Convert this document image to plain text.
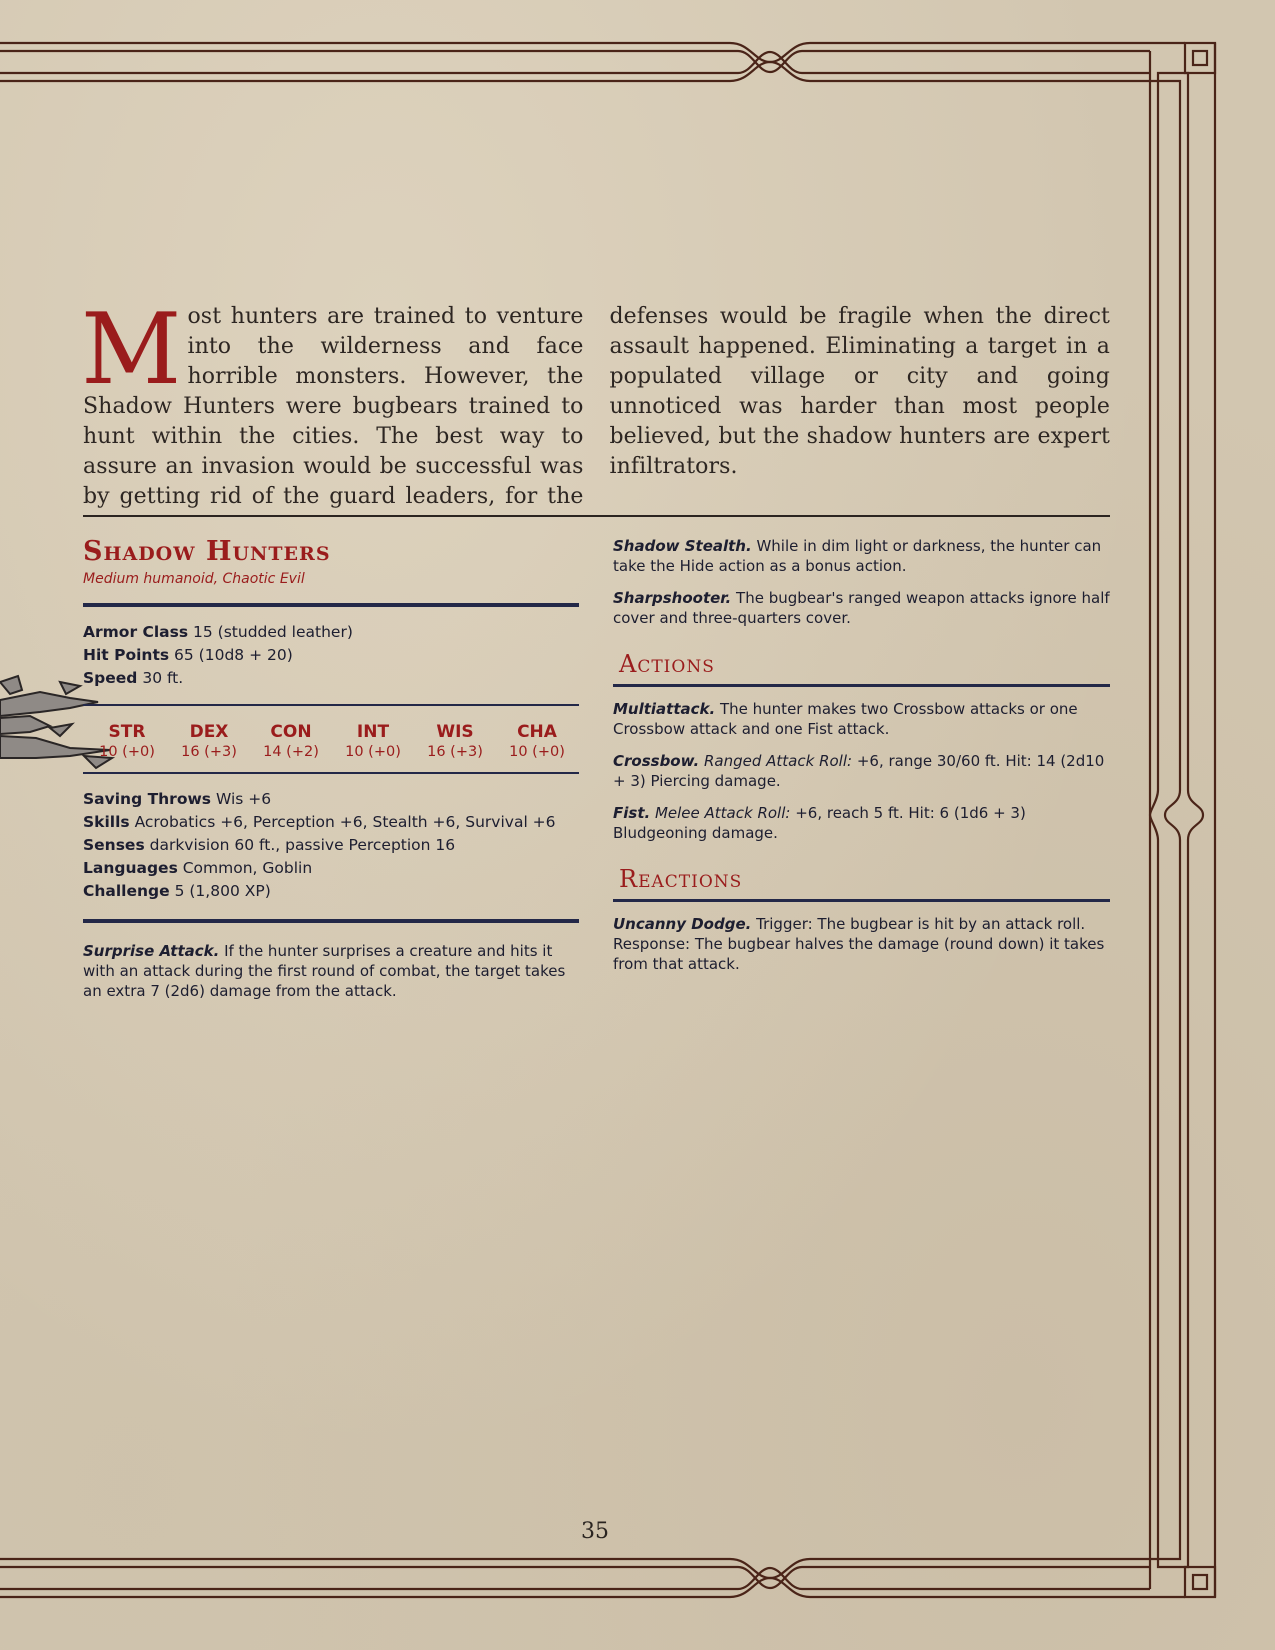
Most hunters are trained to venture into the wilderness and face horrible monsters. However, the Shadow Hunters were bugbears trained to hunt within the cities. The best way to assure an invasion would be successful was by getting rid of the guard leaders, for the defenses would be fragile when the direct assault happened. Eliminating a target in a populated village or city and going unnoticed was harder than most people believed, but the shadow hunters are expert infiltrators.
Shadow Hunters
Medium humanoid, Chaotic Evil
Armor Class 15 (studded leather)
Hit Points 65 (10d8 + 20)
Speed 30 ft.
STR
10 (+0)
DEX
16 (+3)
CON
14 (+2)
INT
10 (+0)
WIS
16 (+3)
CHA
10 (+0)
Saving Throws Wis +6
Skills Acrobatics +6, Perception +6, Stealth +6, Survival +6
Senses darkvision 60 ft., passive Perception 16
Languages Common, Goblin
Challenge 5 (1,800 XP)
Surprise Attack. If the hunter surprises a creature and hits it with an attack during the first round of combat, the target takes an extra 7 (2d6) damage from the attack.
Shadow Stealth. While in dim light or darkness, the hunter can take the Hide action as a bonus action.
Sharpshooter. The bugbear's ranged weapon attacks ignore half cover and three-quarters cover.
Actions
Multiattack. The hunter makes two Crossbow attacks or one Crossbow attack and one Fist attack.
Crossbow. Ranged Attack Roll: +6, range 30/60 ft. Hit: 14 (2d10 + 3) Piercing damage.
Fist. Melee Attack Roll: +6, reach 5 ft. Hit: 6 (1d6 + 3) Bludgeoning damage.
Reactions
Uncanny Dodge. Trigger: The bugbear is hit by an attack roll. Response: The bugbear halves the damage (round down) it takes from that attack.
35
